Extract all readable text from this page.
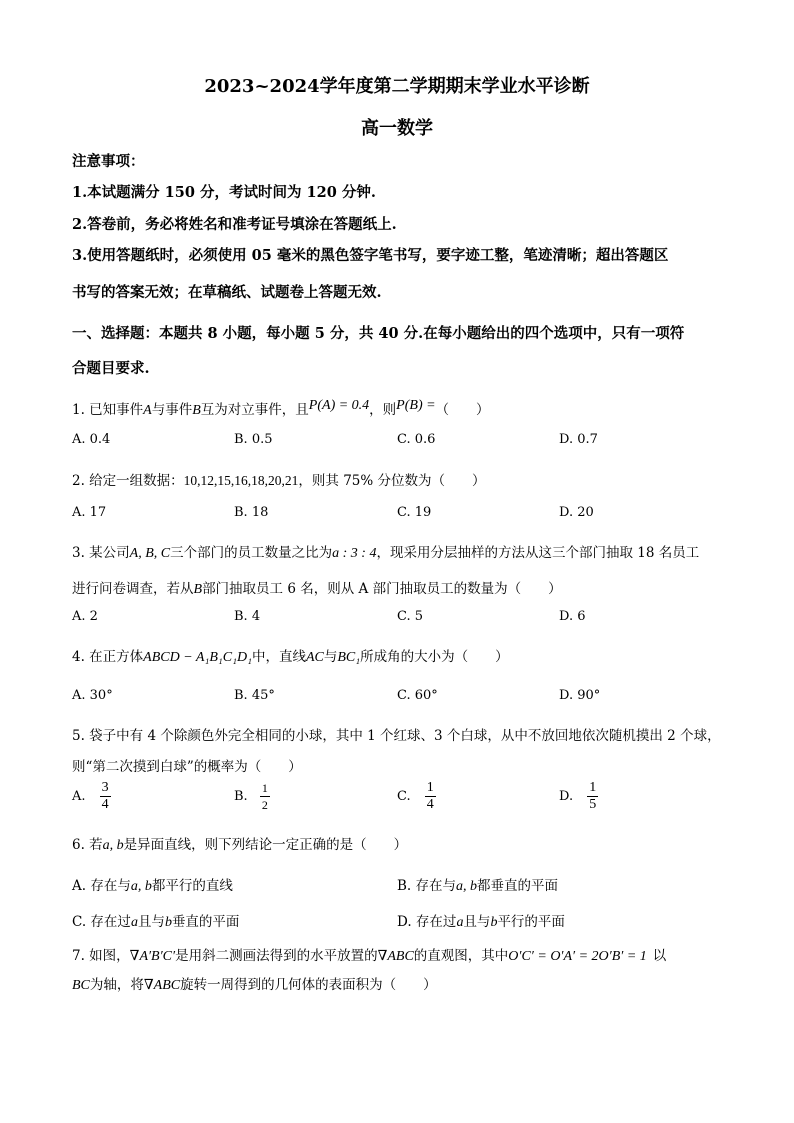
2023~2024学年度第二学期期末学业水平诊断
高一数学
注意事项：
1.本试题满分 150 分，考试时间为 120 分钟.
2.答卷前，务必将姓名和准考证号填涂在答题纸上.
3.使用答题纸时，必须使用 05 毫米的黑色签字笔书写，要字迹工整，笔迹清晰；超出答题区
书写的答案无效；在草稿纸、试题卷上答题无效.
一、选择题：本题共 8 小题，每小题 5 分，共 40 分.在每小题给出的四个选项中，只有一项符
合题目要求.
1. 已知事件A与事件B互为对立事件，且P(A) = 0.4，则P(B) =（　　）
A. 0.4	B. 0.5	C. 0.6	D. 0.7
2. 给定一组数据：10,12,15,16,18,20,21，则其 75% 分位数为（　　）
A. 17	B. 18	C. 19	D. 20
3. 某公司A, B, C三个部门的员工数量之比为a : 3 : 4，现采用分层抽样的方法从这三个部门抽取 18 名员工
进行问卷调查，若从B部门抽取员工 6 名，则从 A 部门抽取员工的数量为（　　）
A. 2	B. 4	C. 5	D. 6
4. 在正方体ABCD − A₁B₁C₁D₁中，直线AC与BC₁所成角的大小为（　　）
A. 30°	B. 45°	C. 60°	D. 90°
5. 袋子中有 4 个除颜色外完全相同的小球，其中 1 个红球、3 个白球，从中不放回地依次随机摸出 2 个球，
则“第二次摸到白球”的概率为（　　）
A. $\frac{3}{4}$	B. $\frac{1}{2}$	C. $\frac{1}{4}$	D. $\frac{1}{5}$
6. 若a, b是异面直线，则下列结论一定正确的是（　　）
A. 存在与a, b都平行的直线	B. 存在与a, b都垂直的平面
C. 存在过a且与b垂直的平面	D. 存在过a且与b平行的平面
7. 如图，∇A′B′C′是用斜二测画法得到的水平放置的∇ABC的直观图，其中O′C′ = O′A′ = 2O′B′ = 1 以
BC为轴，将∇ABC旋转一周得到的几何体的表面积为（　　）
